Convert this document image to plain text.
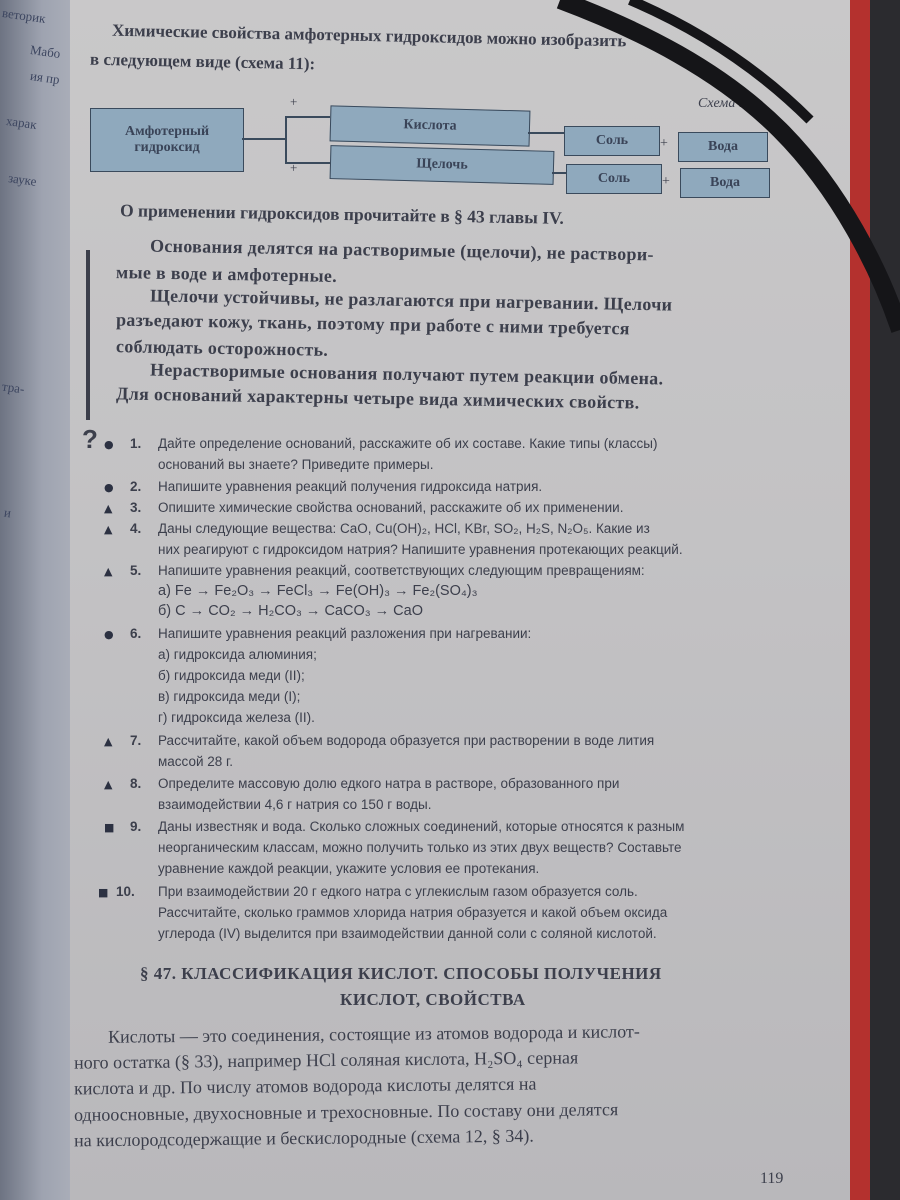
веторик
Мабо
ия пр
харак
зауке
тра-
и
Химические свойства амфотерных гидроксидов можно изобразить
в следующем виде (схема 11):
Схема 11
Амфотерный гидроксид
+
+
Кислота
Щелочь
Соль
Соль
+
+
Вода
Вода
О применении гидроксидов прочитайте в § 43 главы IV.
Основания делятся на растворимые (щелочи), не раствори-
мые в воде и амфотерные.
Щелочи устойчивы, не разлагаются при нагревании. Щелочи
разъедают кожу, ткань, поэтому при работе с ними требуется
соблюдать осторожность.
Нерастворимые основания получают путем реакции обмена.
Для оснований характерны четыре вида химических свойств.
? ● 1. Дайте определение оснований, расскажите об их составе. Какие типы (классы)
оснований вы знаете? Приведите примеры.
● 2. Напишите уравнения реакций получения гидроксида натрия.
▲ 3. Опишите химические свойства оснований, расскажите об их применении.
▲ 4. Даны следующие вещества: CaO, Cu(OH)₂, HCl, KBr, SO₂, H₂S, N₂O₅. Какие из
них реагируют с гидроксидом натрия? Напишите уравнения протекающих реакций.
▲ 5. Напишите уравнения реакций, соответствующих следующим превращениям:
а) Fe → Fe₂O₃ → FeCl₃ → Fe(OH)₃ → Fe₂(SO₄)₃
б) C → CO₂ → H₂CO₃ → CaCO₃ → CaO
● 6. Напишите уравнения реакций разложения при нагревании:
а) гидроксида алюминия;
б) гидроксида меди (II);
в) гидроксида меди (I);
г) гидроксида железа (II).
▲ 7. Рассчитайте, какой объем водорода образуется при растворении в воде лития
массой 28 г.
▲ 8. Определите массовую долю едкого натра в растворе, образованного при
взаимодействии 4,6 г натрия со 150 г воды.
■ 9. Даны известняк и вода. Сколько сложных соединений, которые относятся к разным
неорганическим классам, можно получить только из этих двух веществ? Составьте
уравнение каждой реакции, укажите условия ее протекания.
■ 10. При взаимодействии 20 г едкого натра с углекислым газом образуется соль.
Рассчитайте, сколько граммов хлорида натрия образуется и какой объем оксида
углерода (IV) выделится при взаимодействии данной соли с соляной кислотой.
§ 47. КЛАССИФИКАЦИЯ КИСЛОТ. СПОСОБЫ ПОЛУЧЕНИЯ
КИСЛОТ, СВОЙСТВА
Кислоты — это соединения, состоящие из атомов водорода и кислот-
ного остатка (§ 33), например HCl соляная кислота, H₂SO₄ серная
кислота и др. По числу атомов водорода кислоты делятся на
одноосновные, двухосновные и трехосновные. По составу они делятся
на кислородсодержащие и бескислородные (схема 12, § 34).
119
